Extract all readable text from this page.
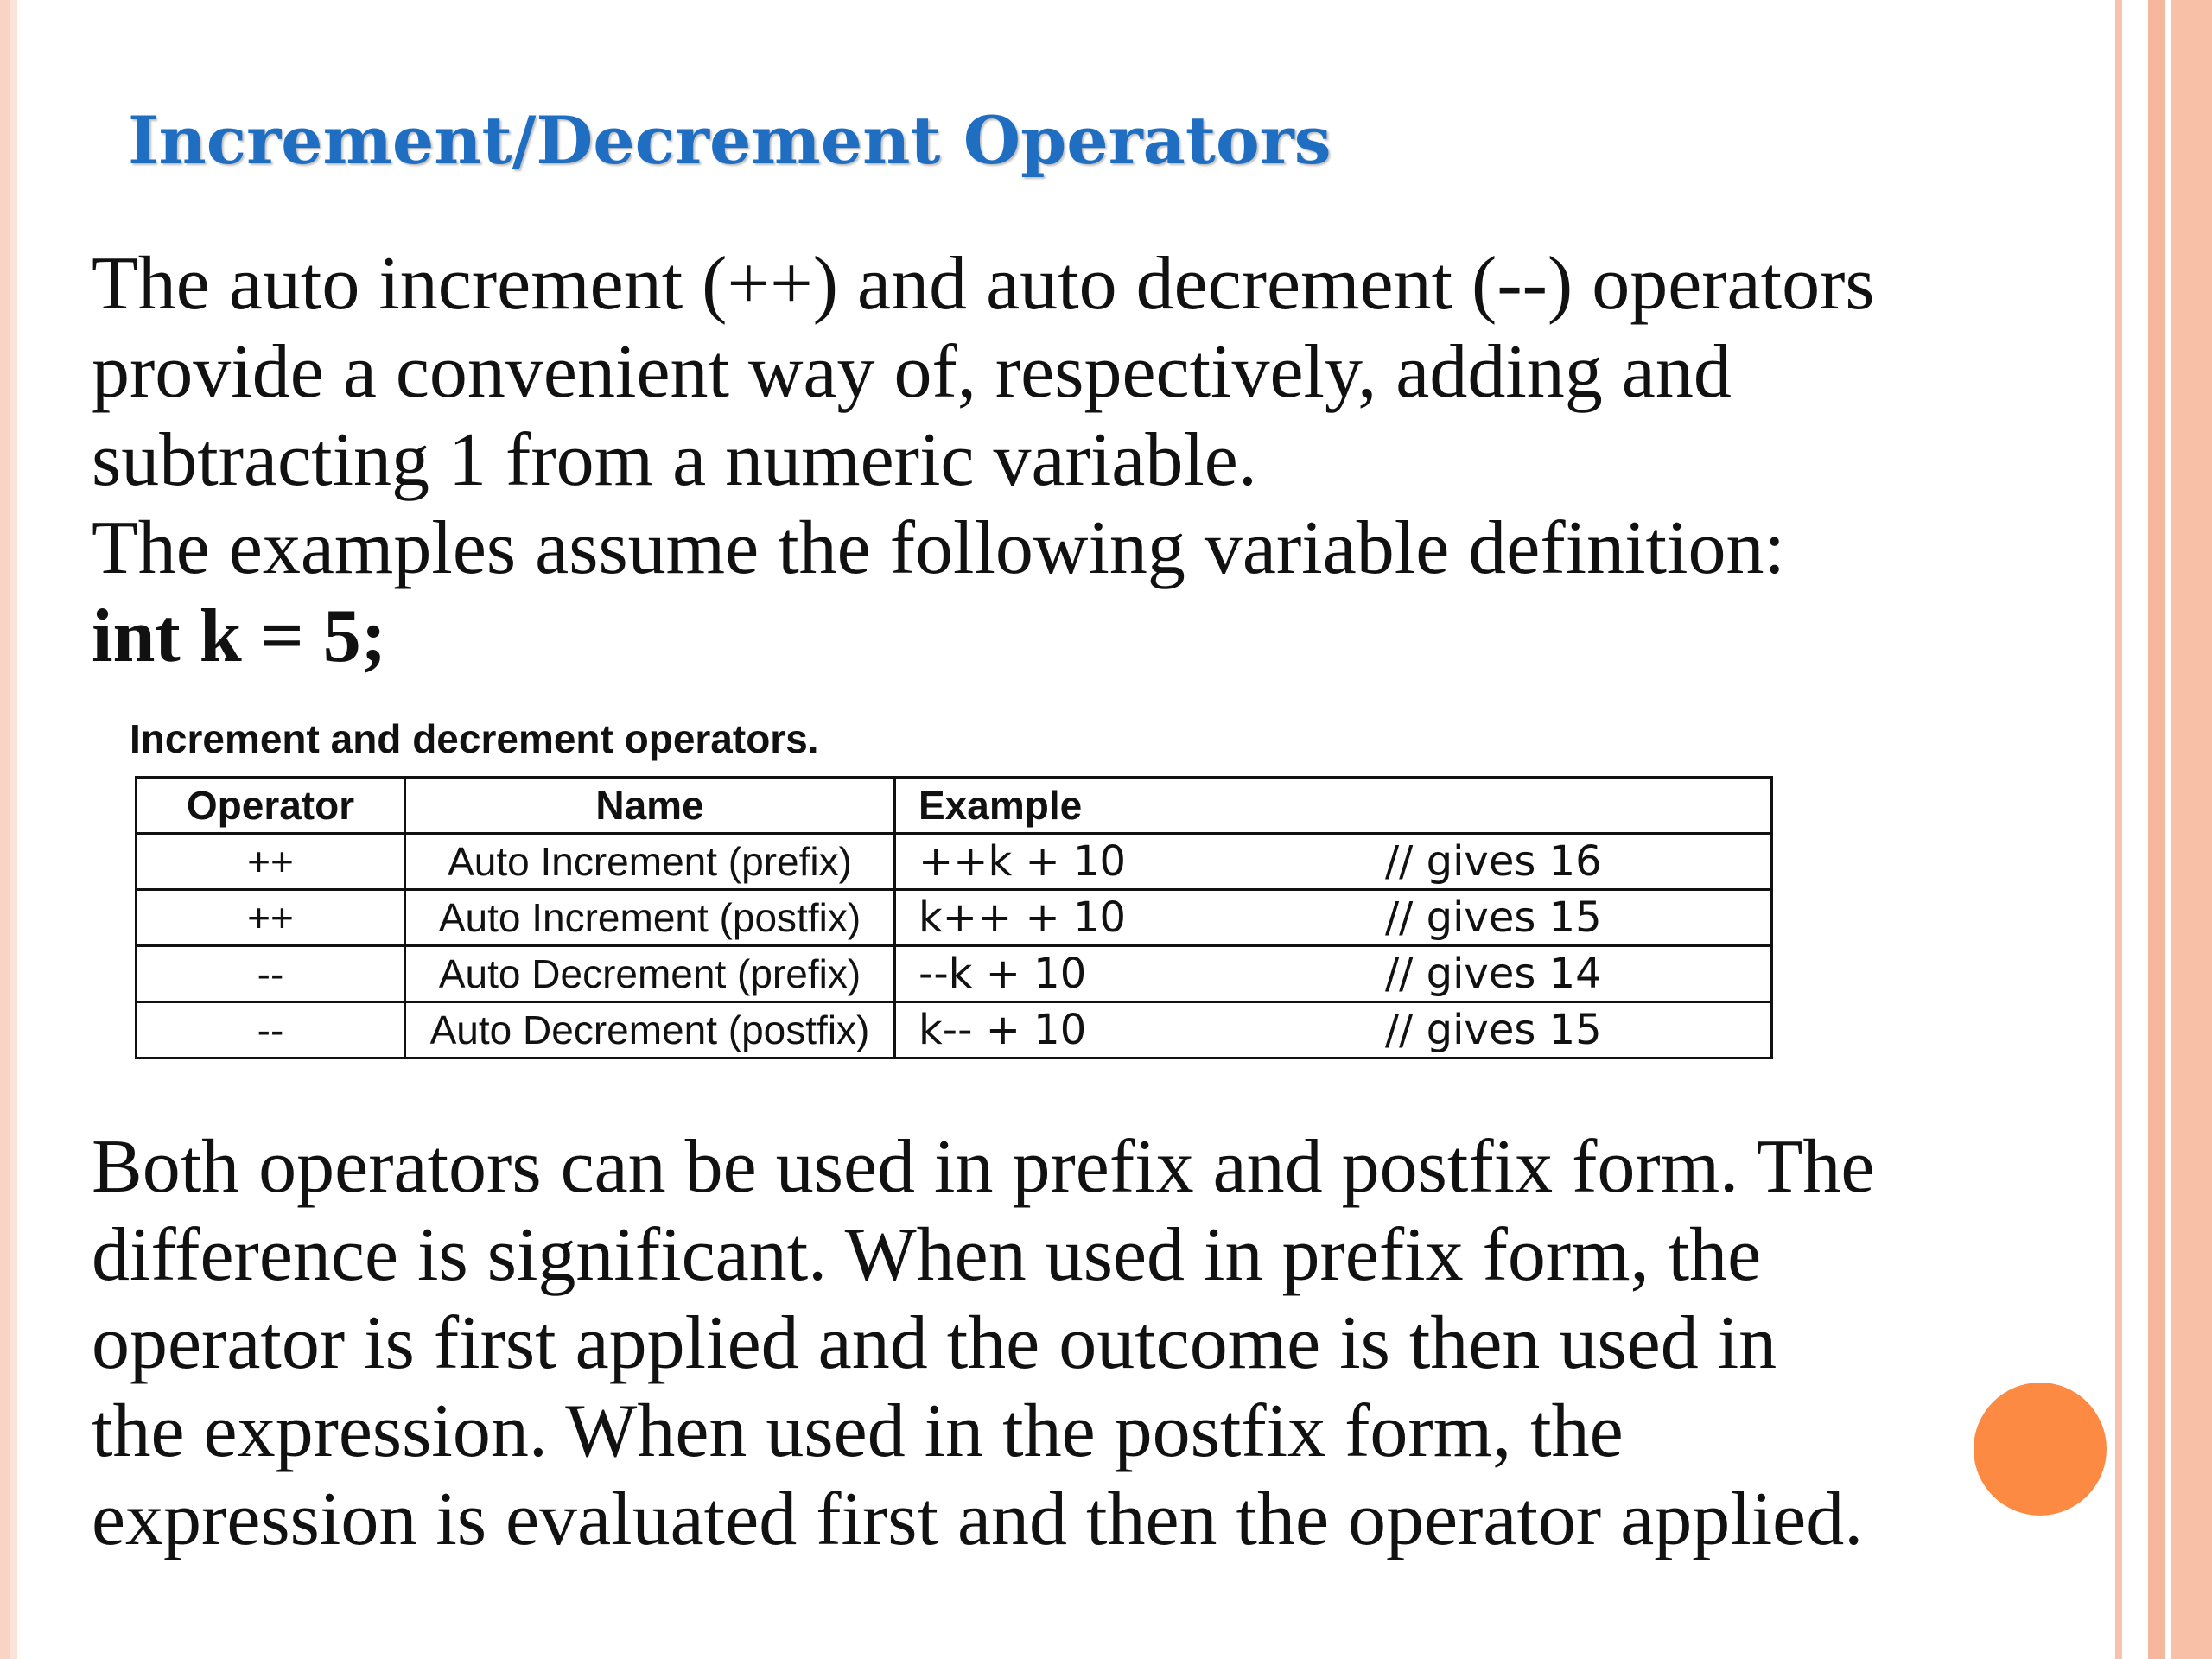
Increment/Decrement Operators
The auto increment (++) and auto decrement (--) operators
provide a convenient way of, respectively, adding and
subtracting 1 from a numeric variable.
The examples assume the following variable definition:
int k = 5;
Increment and decrement operators.
Operator	Name	Example
++	Auto Increment (prefix)	++k + 10 // gives 16
++	Auto Increment (postfix)	k++ + 10 // gives 15
--	Auto Decrement (prefix)	--k + 10 // gives 14
--	Auto Decrement (postfix)	k-- + 10 // gives 15
Both operators can be used in prefix and postfix form. The
difference is significant. When used in prefix form, the
operator is first applied and the outcome is then used in
the expression. When used in the postfix form, the
expression is evaluated first and then the operator applied.
